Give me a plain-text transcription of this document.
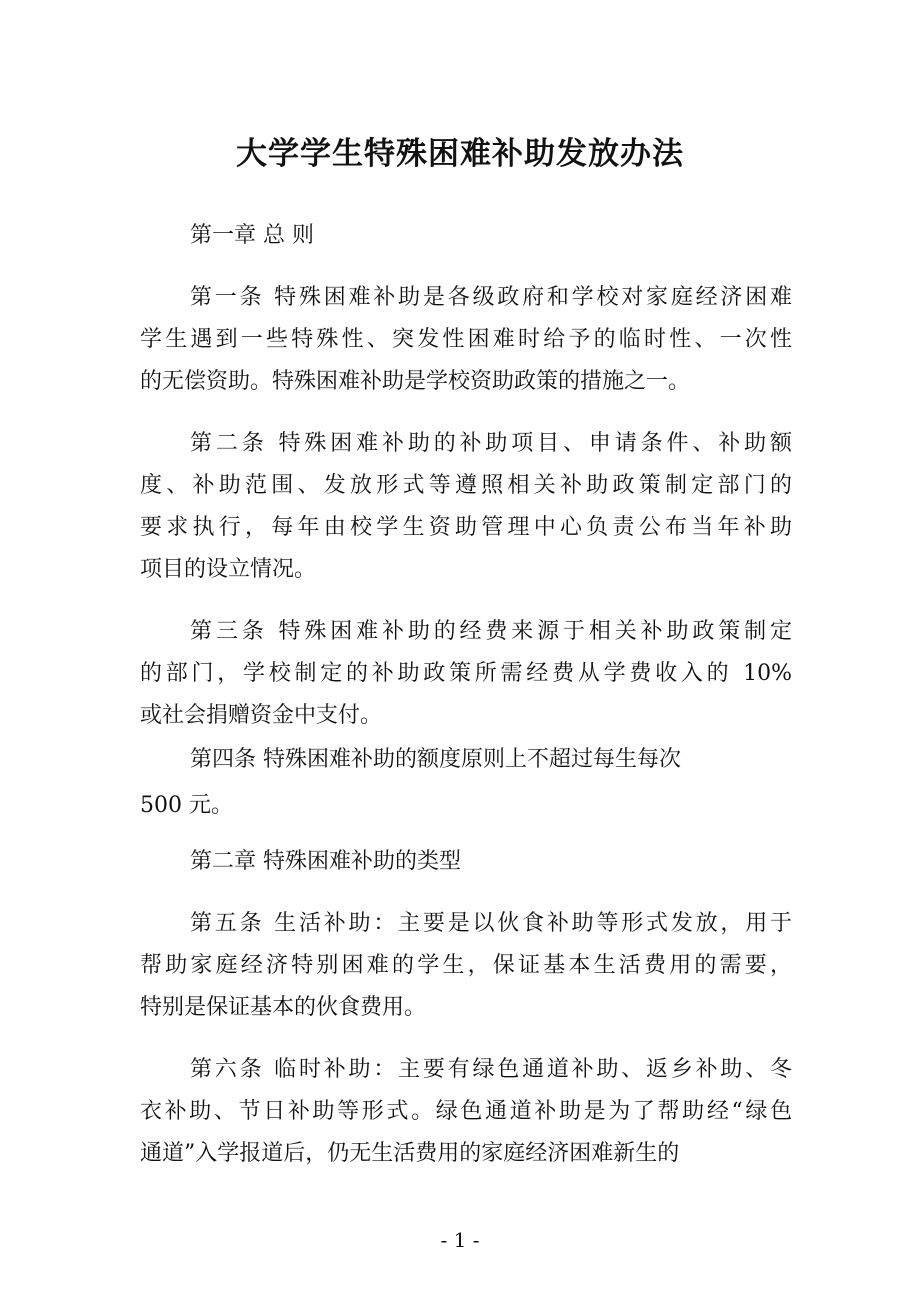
大学学生特殊困难补助发放办法
第一章 总 则
第一条 特殊困难补助是各级政府和学校对家庭经济困难
学生遇到一些特殊性、突发性困难时给予的临时性、一次性
的无偿资助。特殊困难补助是学校资助政策的措施之一。
第二条 特殊困难补助的补助项目、申请条件、补助额
度、补助范围、发放形式等遵照相关补助政策制定部门的
要求执行，每年由校学生资助管理中心负责公布当年补助
项目的设立情况。
第三条 特殊困难补助的经费来源于相关补助政策制定
的部门，学校制定的补助政策所需经费从学费收入的 10%
或社会捐赠资金中支付。
第四条 特殊困难补助的额度原则上不超过每生每次
500 元。
第二章 特殊困难补助的类型
第五条 生活补助：主要是以伙食补助等形式发放，用于
帮助家庭经济特别困难的学生，保证基本生活费用的需要，
特别是保证基本的伙食费用。
第六条 临时补助：主要有绿色通道补助、返乡补助、冬
衣补助、节日补助等形式。绿色通道补助是为了帮助经“绿色
通道”入学报道后，仍无生活费用的家庭经济困难新生的
- 1 -
